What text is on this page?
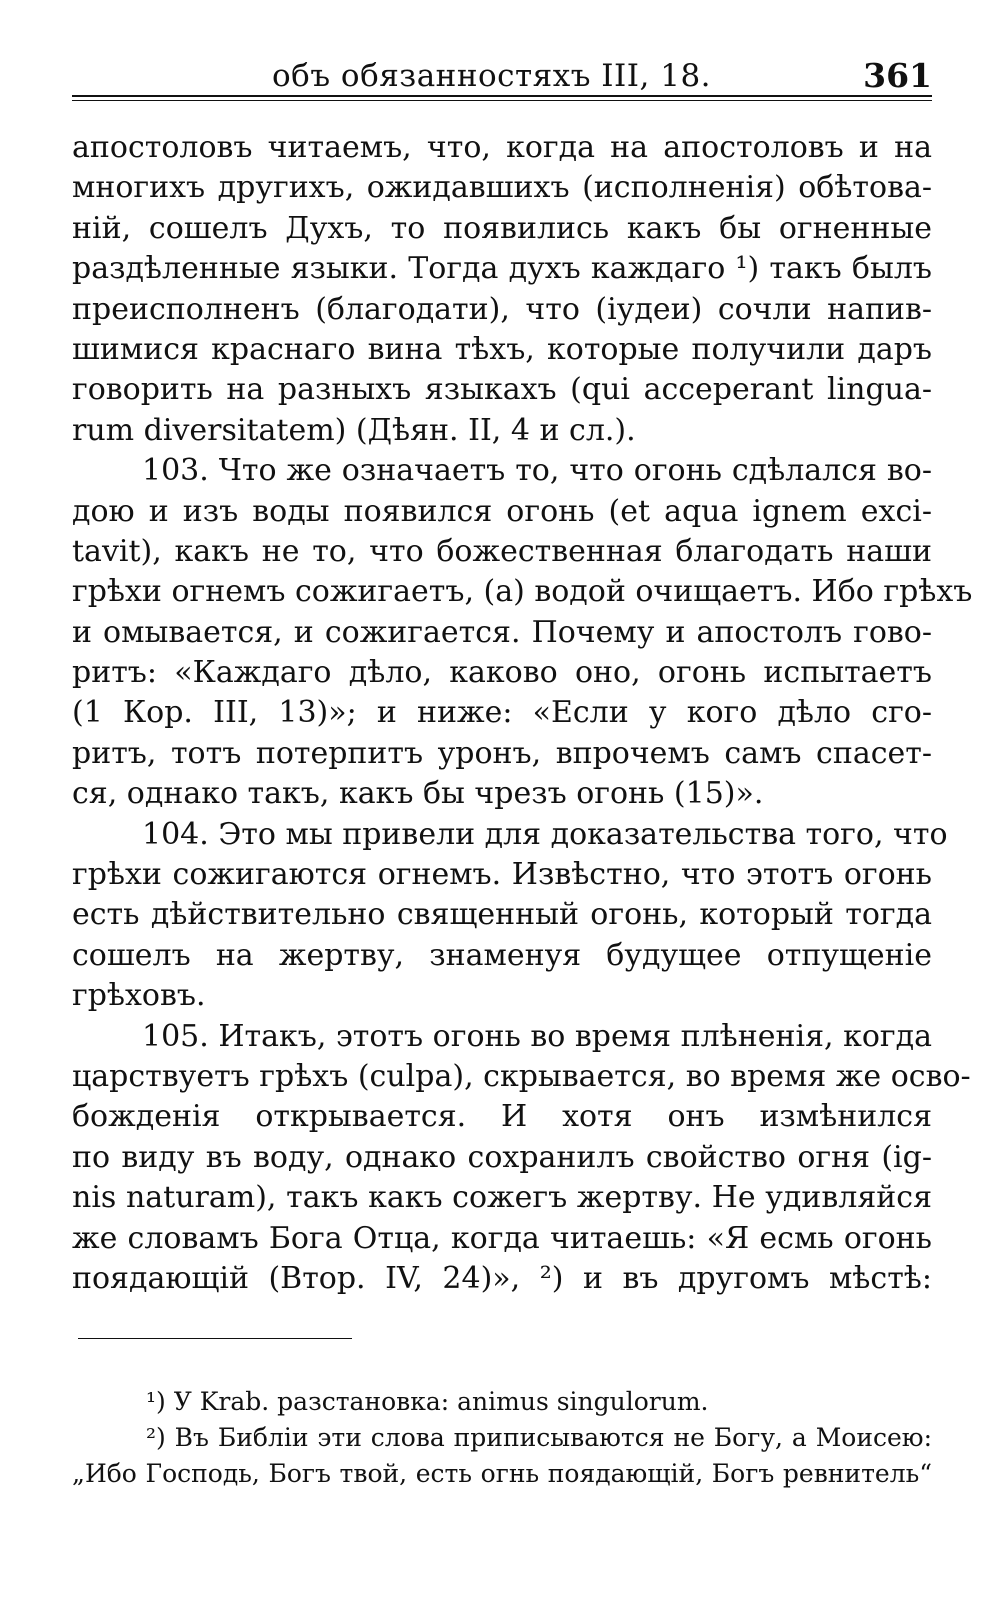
объ обязанностяхъ III, 18.	361
апостоловъ читаемъ, что, когда на апостоловъ и на
многихъ другихъ, ожидавшихъ (исполненія) обѣтова-
ній, сошелъ Духъ, то появились какъ бы огненные
раздѣленные языки. Тогда духъ каждаго ¹) такъ былъ
преисполненъ (благодати), что (іудеи) сочли напив-
шимися краснаго вина тѣхъ, которые получили даръ
говорить на разныхъ языкахъ (qui acceperant lingua-
rum diversitatem) (Дѣян. II, 4 и сл.).
103. Что же означаетъ то, что огонь сдѣлался во-
дою и изъ воды появился огонь (et aqua ignem exci-
tavit), какъ не то, что божественная благодать наши
грѣхи огнемъ сожигаетъ, (а) водой очищаетъ. Ибо грѣхъ
и омывается, и сожигается. Почему и апостолъ гово-
ритъ: «Каждаго дѣло, каково оно, огонь испытаетъ
(1 Кор. III, 13)»; и ниже: «Если у кого дѣло сго-
ритъ, тотъ потерпитъ уронъ, впрочемъ самъ спасет-
ся, однако такъ, какъ бы чрезъ огонь (15)».
104. Это мы привели для доказательства того, что
грѣхи сожигаются огнемъ. Извѣстно, что этотъ огонь
есть дѣйствительно священный огонь, который тогда
сошелъ на жертву, знаменуя будущее отпущеніе
грѣховъ.
105. Итакъ, этотъ огонь во время плѣненія, когда
царствуетъ грѣхъ (culpa), скрывается, во время же осво-
божденія открывается. И хотя онъ измѣнился
по виду въ воду, однако сохранилъ свойство огня (ig-
nis naturam), такъ какъ сожегъ жертву. Не удивляйся
же словамъ Бога Отца, когда читаешь: «Я есмь огонь
поядающій (Втор. IV, 24)», ²) и въ другомъ мѣстѣ:
¹) У Krab. разстановка: animus singulorum.
²) Въ Библіи эти слова приписываются не Богу, а Моисею:
„Ибо Господь, Богъ твой, есть огнь поядающій, Богъ ревнитель“
